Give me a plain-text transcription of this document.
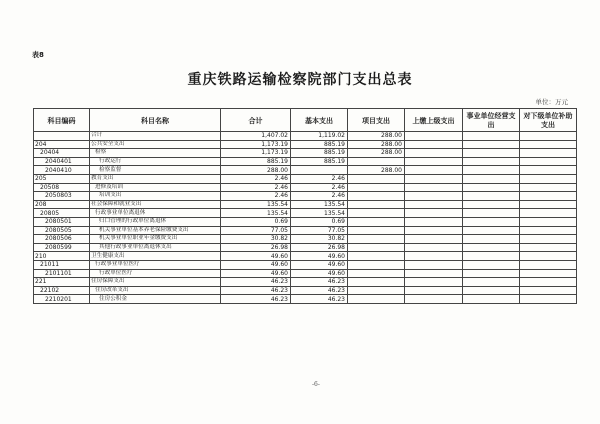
表8
重庆铁路运输检察院部门支出总表
单位：万元
科目编码	科目名称	合计	基本支出	项目支出	上缴上级支出	事业单位经营支出	对下级单位补助支出
	合计	1,407.02	1,119.02	288.00			
204	公共安全支出	1,173.19	885.19	288.00			
20404	检察	1,173.19	885.19	288.00			
2040401	行政运行	885.19	885.19				
2040410	检察监督	288.00		288.00			
205	教育支出	2.46	2.46				
20508	进修及培训	2.46	2.46				
2050803	培训支出	2.46	2.46				
208	社会保障和就业支出	135.54	135.54				
20805	行政事业单位离退休	135.54	135.54				
2080501	归口管理的行政单位离退休	0.69	0.69				
2080505	机关事业单位基本养老保险缴费支出	77.05	77.05				
2080506	机关事业单位职业年金缴费支出	30.82	30.82				
2080599	其他行政事业单位离退休支出	26.98	26.98				
210	卫生健康支出	49.60	49.60				
21011	行政事业单位医疗	49.60	49.60				
2101101	行政单位医疗	49.60	49.60				
221	住房保障支出	46.23	46.23				
22102	住房改革支出	46.23	46.23				
2210201	住房公积金	46.23	46.23				
-6-
